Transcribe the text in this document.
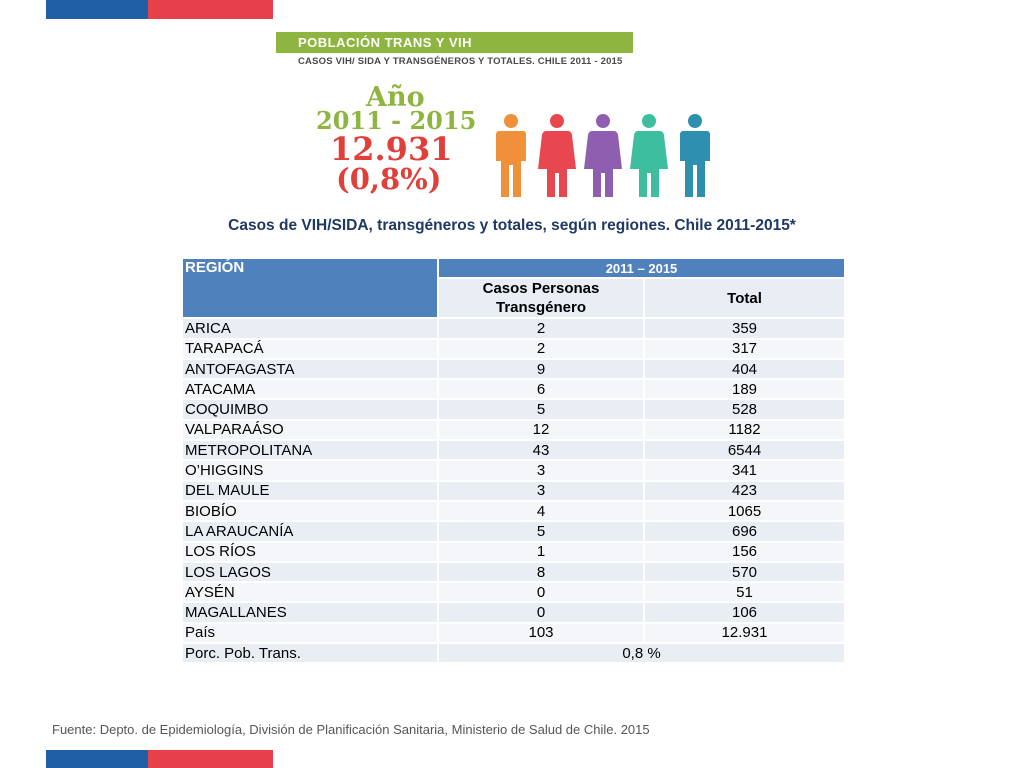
POBLACIÓN TRANS Y VIH
CASOS VIH/ SIDA Y TRANSGÉNEROS Y TOTALES. CHILE 2011 - 2015
Año
2011 - 2015
12.931
(0,8%)
Casos de VIH/SIDA, transgéneros y totales, según regiones. Chile 2011-2015*
REGIÓN	2011 – 2015	
	Casos Personas Transgénero	Total
ARICA	2	359
TARAPACÁ	2	317
ANTOFAGASTA	9	404
ATACAMA	6	189
COQUIMBO	5	528
VALPARAÁSO	12	1182
METROPOLITANA	43	6544
O’HIGGINS	3	341
DEL MAULE	3	423
BIOBÍO	4	1065
LA ARAUCANÍA	5	696
LOS RÍOS	1	156
LOS LAGOS	8	570
AYSÉN	0	51
MAGALLANES	0	106
País	103	12.931
Porc. Pob. Trans.	0,8 %	
Fuente: Depto. de Epidemiología, División de Planificación Sanitaria, Ministerio de Salud de Chile. 2015
